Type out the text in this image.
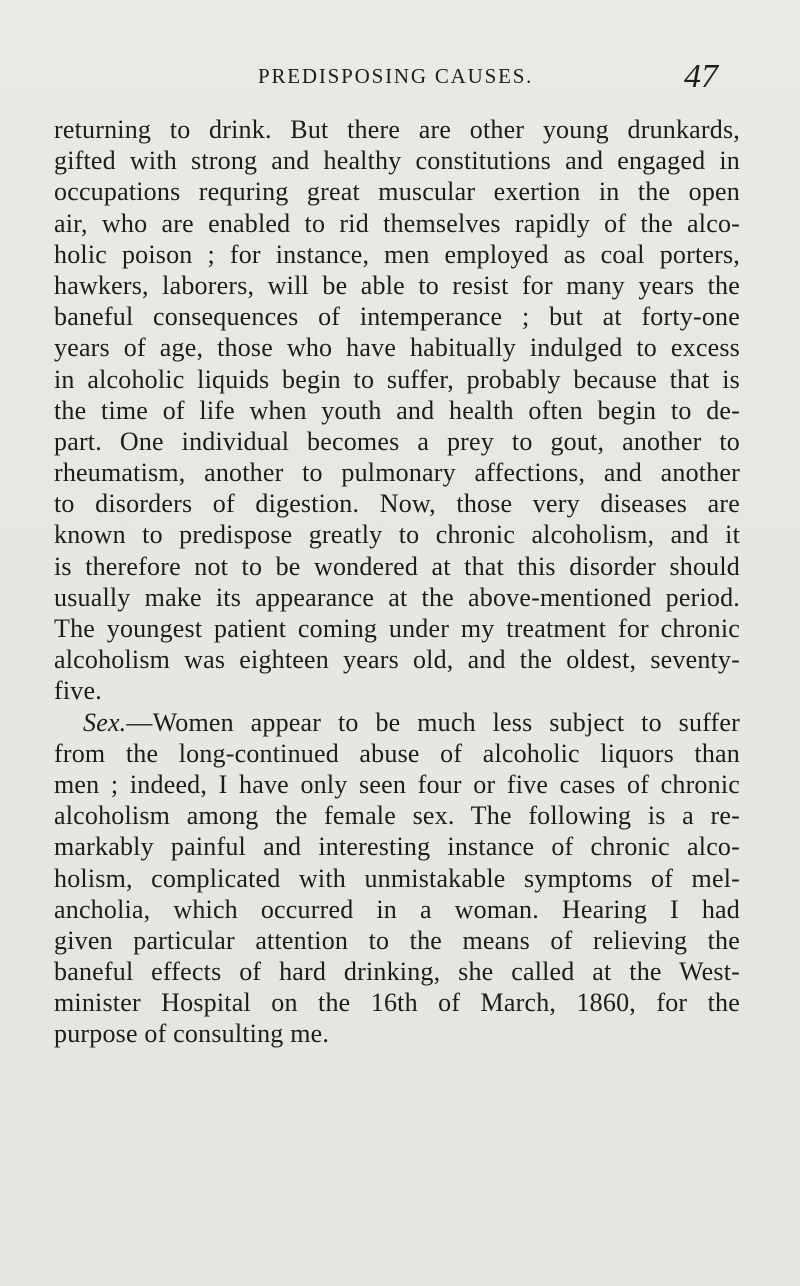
PREDISPOSING CAUSES.	47
returning to drink. But there are other young drunkards,
gifted with strong and healthy constitutions and engaged in
occupations requring great muscular exertion in the open
air, who are enabled to rid themselves rapidly of the alco-
holic poison ; for instance, men employed as coal porters,
hawkers, laborers, will be able to resist for many years the
baneful consequences of intemperance ; but at forty-one
years of age, those who have habitually indulged to excess
in alcoholic liquids begin to suffer, probably because that is
the time of life when youth and health often begin to de-
part. One individual becomes a prey to gout, another to
rheumatism, another to pulmonary affections, and another
to disorders of digestion. Now, those very diseases are
known to predispose greatly to chronic alcoholism, and it
is therefore not to be wondered at that this disorder should
usually make its appearance at the above-mentioned period.
The youngest patient coming under my treatment for chronic
alcoholism was eighteen years old, and the oldest, seventy-
five.
Sex.—Women appear to be much less subject to suffer
from the long-continued abuse of alcoholic liquors than
men ; indeed, I have only seen four or five cases of chronic
alcoholism among the female sex. The following is a re-
markably painful and interesting instance of chronic alco-
holism, complicated with unmistakable symptoms of mel-
ancholia, which occurred in a woman. Hearing I had
given particular attention to the means of relieving the
baneful effects of hard drinking, she called at the West-
minister Hospital on the 16th of March, 1860, for the
purpose of consulting me.
